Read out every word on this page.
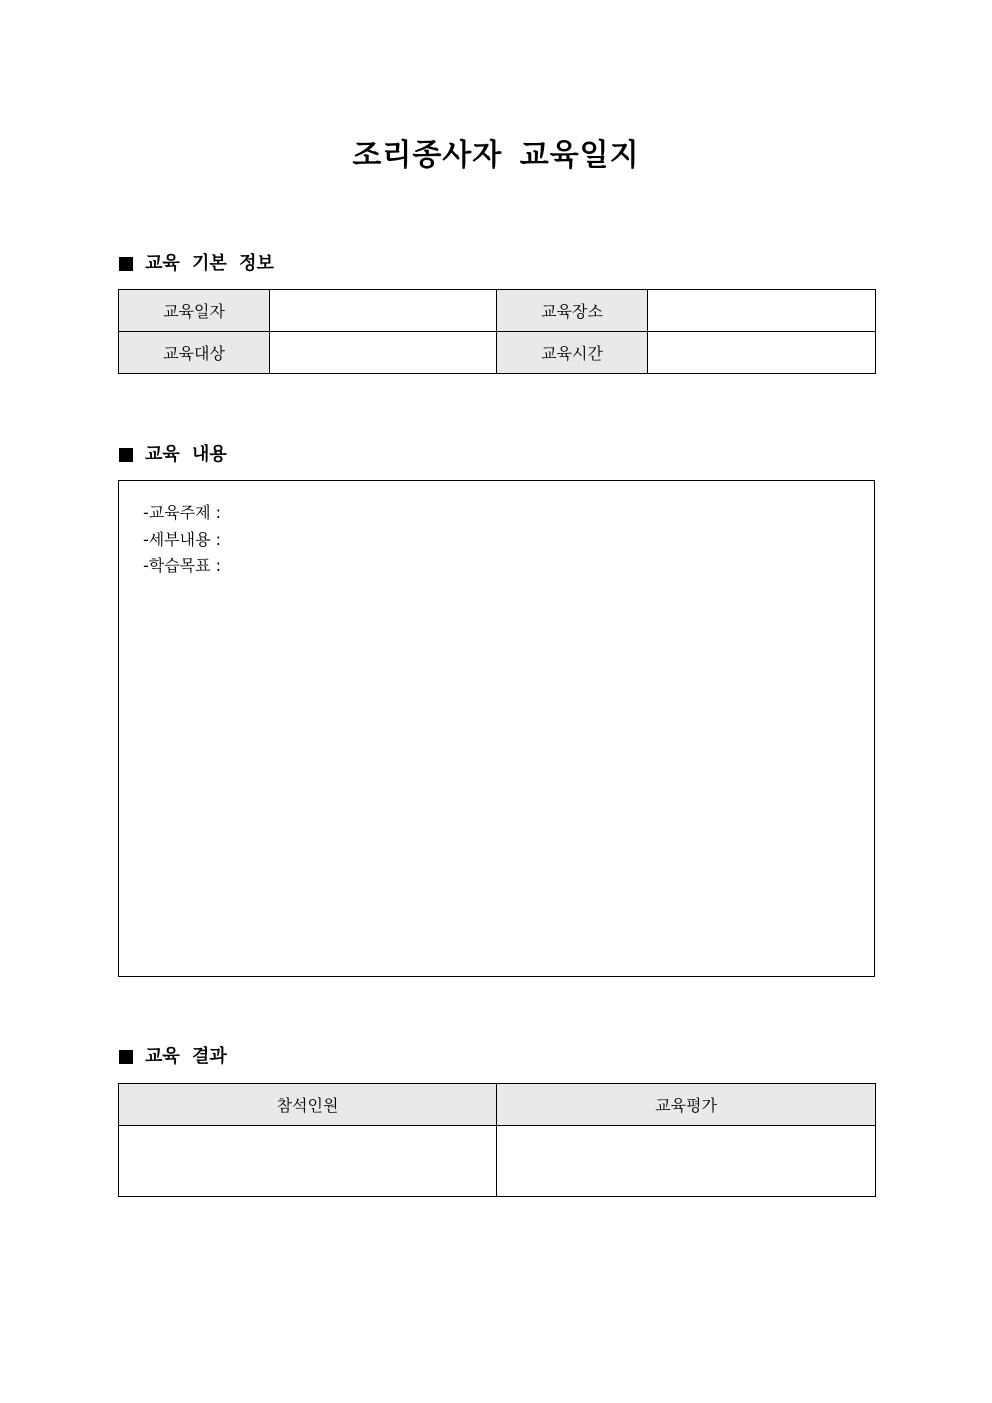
조리종사자 교육일지
교육 기본 정보
교육일자		교육장소	
교육대상		교육시간	
교육 내용
-교육주제 :
-세부내용 :
-학습목표 :
교육 결과
참석인원	교육평가
